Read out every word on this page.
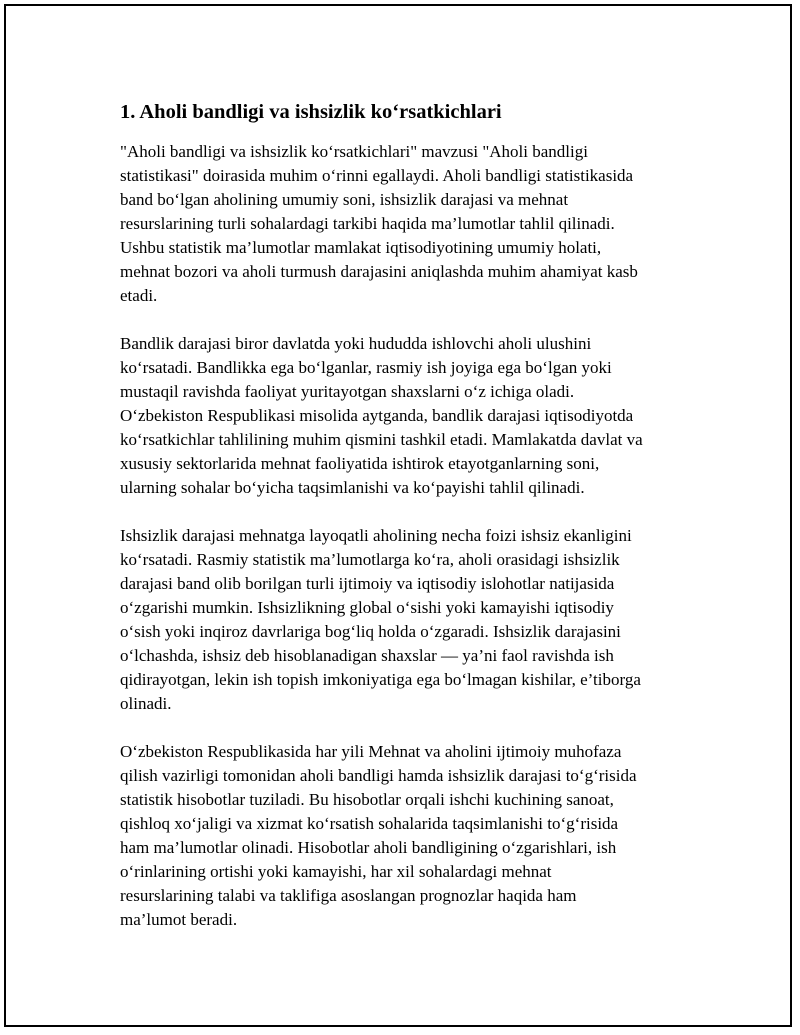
1. Aholi bandligi va ishsizlik ko‘rsatkichlari
"Aholi bandligi va ishsizlik ko‘rsatkichlari" mavzusi "Aholi bandligi
statistikasi" doirasida muhim o‘rinni egallaydi. Aholi bandligi statistikasida
band bo‘lgan aholining umumiy soni, ishsizlik darajasi va mehnat
resurslarining turli sohalardagi tarkibi haqida ma’lumotlar tahlil qilinadi.
Ushbu statistik ma’lumotlar mamlakat iqtisodiyotining umumiy holati,
mehnat bozori va aholi turmush darajasini aniqlashda muhim ahamiyat kasb
etadi.
Bandlik darajasi biror davlatda yoki hududda ishlovchi aholi ulushini
ko‘rsatadi. Bandlikka ega bo‘lganlar, rasmiy ish joyiga ega bo‘lgan yoki
mustaqil ravishda faoliyat yuritayotgan shaxslarni o‘z ichiga oladi.
O‘zbekiston Respublikasi misolida aytganda, bandlik darajasi iqtisodiyotda
ko‘rsatkichlar tahlilining muhim qismini tashkil etadi. Mamlakatda davlat va
xususiy sektorlarida mehnat faoliyatida ishtirok etayotganlarning soni,
ularning sohalar bo‘yicha taqsimlanishi va ko‘payishi tahlil qilinadi.
Ishsizlik darajasi mehnatga layoqatli aholining necha foizi ishsiz ekanligini
ko‘rsatadi. Rasmiy statistik ma’lumotlarga ko‘ra, aholi orasidagi ishsizlik
darajasi band olib borilgan turli ijtimoiy va iqtisodiy islohotlar natijasida
o‘zgarishi mumkin. Ishsizlikning global o‘sishi yoki kamayishi iqtisodiy
o‘sish yoki inqiroz davrlariga bog‘liq holda o‘zgaradi. Ishsizlik darajasini
o‘lchashda, ishsiz deb hisoblanadigan shaxslar — ya’ni faol ravishda ish
qidirayotgan, lekin ish topish imkoniyatiga ega bo‘lmagan kishilar, e’tiborga
olinadi.
O‘zbekiston Respublikasida har yili Mehnat va aholini ijtimoiy muhofaza
qilish vazirligi tomonidan aholi bandligi hamda ishsizlik darajasi to‘g‘risida
statistik hisobotlar tuziladi. Bu hisobotlar orqali ishchi kuchining sanoat,
qishloq xo‘jaligi va xizmat ko‘rsatish sohalarida taqsimlanishi to‘g‘risida
ham ma’lumotlar olinadi. Hisobotlar aholi bandligining o‘zgarishlari, ish
o‘rinlarining ortishi yoki kamayishi, har xil sohalardagi mehnat
resurslarining talabi va taklifiga asoslangan prognozlar haqida ham
ma’lumot beradi.
